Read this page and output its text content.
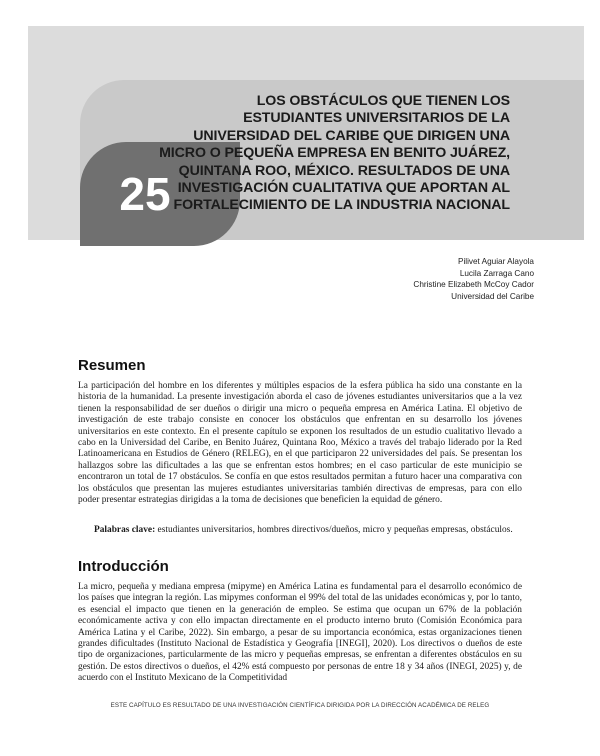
25
LOS OBSTÁCULOS QUE TIENEN LOS ESTUDIANTES UNIVERSITARIOS DE LA UNIVERSIDAD DEL CARIBE QUE DIRIGEN UNA MICRO O PEQUEÑA EMPRESA EN BENITO JUÁREZ, QUINTANA ROO, MÉXICO. RESULTADOS DE UNA INVESTIGACIÓN CUALITATIVA QUE APORTAN AL FORTALECIMIENTO DE LA INDUSTRIA NACIONAL
Pilivet Aguiar Alayola
Lucila Zarraga Cano
Christine Elizabeth McCoy Cador
Universidad del Caribe
Resumen

La participación del hombre en los diferentes y múltiples espacios de la esfera pública ha sido una constante en la historia de la humanidad. La presente investigación aborda el caso de jóvenes estudiantes universitarios que a la vez tienen la responsabilidad de ser dueños o dirigir una micro o pequeña empresa en América Latina. El objetivo de investigación de este trabajo consiste en conocer los obstáculos que enfrentan en su desarrollo los jóvenes universitarios en este contexto. En el presente capítulo se exponen los resultados de un estudio cualitativo llevado a cabo en la Universidad del Caribe, en Benito Juárez, Quintana Roo, México a través del trabajo liderado por la Red Latinoamericana en Estudios de Género (RELEG), en el que participaron 22 universidades del país. Se presentan los hallazgos sobre las dificultades a las que se enfrentan estos hombres; en el caso particular de este municipio se encontraron un total de 17 obstáculos. Se confía en que estos resultados permitan a futuro hacer una comparativa con los obstáculos que presentan las mujeres estudiantes universitarias también directivas de empresas, para con ello poder presentar estrategias dirigidas a la toma de decisiones que beneficien la equidad de género.

Palabras clave: estudiantes universitarios, hombres directivos/dueños, micro y pequeñas empresas, obstáculos.

Introducción

La micro, pequeña y mediana empresa (mipyme) en América Latina es fundamental para el desarrollo económico de los países que integran la región. Las mipymes conforman el 99% del total de las unidades económicas y, por lo tanto, es esencial el impacto que tienen en la generación de empleo. Se estima que ocupan un 67% de la población económicamente activa y con ello impactan directamente en el producto interno bruto (Comisión Económica para América Latina y el Caribe, 2022). Sin embargo, a pesar de su importancia económica, estas organizaciones tienen grandes dificultades (Instituto Nacional de Estadística y Geografía [INEGI], 2020). Los directivos o dueños de este tipo de organizaciones, particularmente de las micro y pequeñas empresas, se enfrentan a diferentes obstáculos en su gestión. De estos directivos o dueños, el 42% está compuesto por personas de entre 18 y 34 años (INEGI, 2025) y, de acuerdo con el Instituto Mexicano de la Competitividad

ESTE CAPÍTULO ES RESULTADO DE UNA INVESTIGACIÓN CIENTÍFICA DIRIGIDA POR LA DIRECCIÓN ACADÉMICA DE RELEG
